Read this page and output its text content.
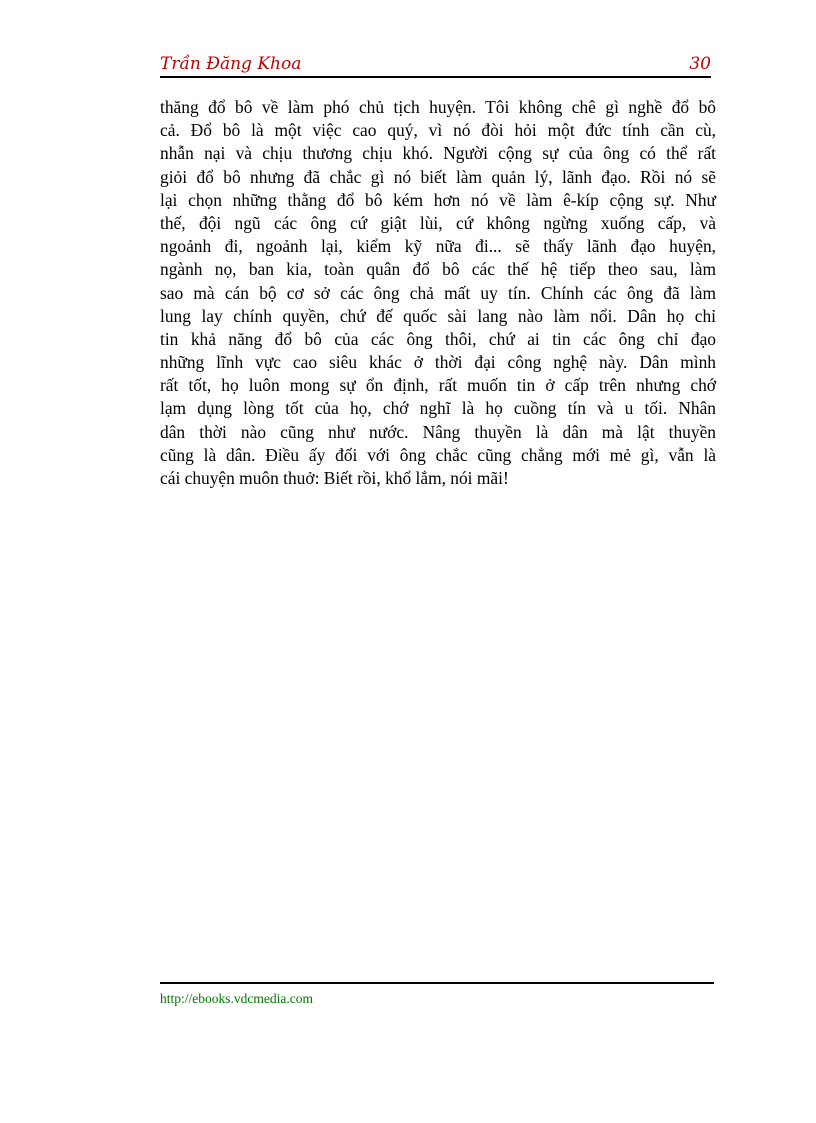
Trần Đăng Khoa	30
thăng đổ bô về làm phó chủ tịch huyện. Tôi không chê gì nghề đổ bô
cả. Đổ bô là một việc cao quý, vì nó đòi hỏi một đức tính cần cù,
nhẫn nại và chịu thương chịu khó. Người cộng sự của ông có thể rất
giỏi đổ bô nhưng đã chắc gì nó biết làm quản lý, lãnh đạo. Rồi nó sẽ
lại chọn những thằng đổ bô kém hơn nó về làm ê-kíp cộng sự. Như
thế, đội ngũ các ông cứ giật lùi, cứ không ngừng xuống cấp, và
ngoảnh đi, ngoảnh lại, kiểm kỹ nữa đi... sẽ thấy lãnh đạo huyện,
ngành nọ, ban kia, toàn quân đổ bô các thế hệ tiếp theo sau, làm
sao mà cán bộ cơ sở các ông chả mất uy tín. Chính các ông đã làm
lung lay chính quyền, chứ đế quốc sài lang nào làm nổi. Dân họ chỉ
tin khả năng đổ bô của các ông thôi, chứ ai tin các ông chỉ đạo
những lĩnh vực cao siêu khác ở thời đại công nghệ này. Dân mình
rất tốt, họ luôn mong sự ổn định, rất muốn tin ở cấp trên nhưng chớ
lạm dụng lòng tốt của họ, chớ nghĩ là họ cuồng tín và u tối. Nhân
dân thời nào cũng như nước. Nâng thuyền là dân mà lật thuyền
cũng là dân. Điều ấy đối với ông chắc cũng chẳng mới mẻ gì, vẫn là
cái chuyện muôn thuở: Biết rồi, khổ lắm, nói mãi!
http://ebooks.vdcmedia.com
